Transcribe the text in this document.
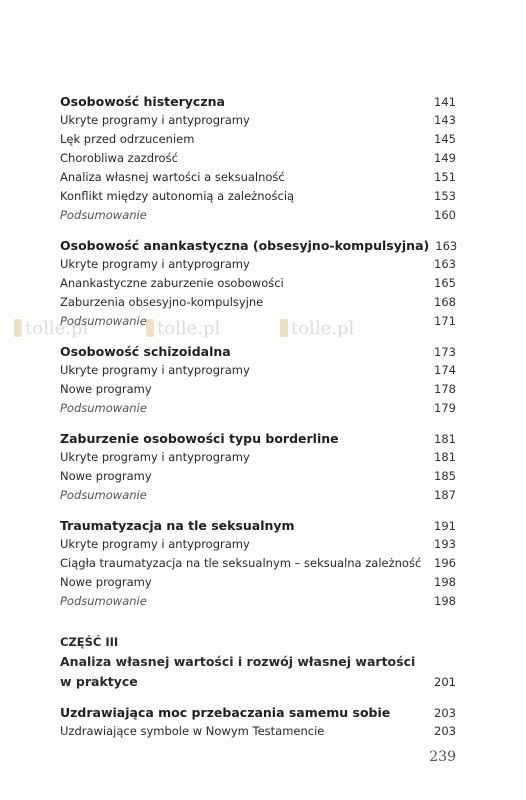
Osobowość histeryczna	141
Ukryte programy i antyprogramy	143
Lęk przed odrzuceniem	145
Chorobliwa zazdrość	149
Analiza własnej wartości a seksualność	151
Konflikt między autonomią a zależnością	153
Podsumowanie	160
Osobowość anankastyczna (obsesyjno-kompulsyjna) 163
Ukryte programy i antyprogramy	163
Anankastyczne zaburzenie osobowości	165
Zaburzenia obsesyjno-kompulsyjne	168
Podsumowanie	171
Osobowość schizoidalna	173
Ukryte programy i antyprogramy	174
Nowe programy	178
Podsumowanie	179
Zaburzenie osobowości typu borderline	181
Ukryte programy i antyprogramy	181
Nowe programy	185
Podsumowanie	187
Traumatyzacja na tle seksualnym	191
Ukryte programy i antyprogramy	193
Ciągła traumatyzacja na tle seksualnym – seksualna zależność	196
Nowe programy	198
Podsumowanie	198
CZĘŚĆ III
Analiza własnej wartości i rozwój własnej wartości w praktyce	201
Uzdrawiająca moc przebaczania samemu sobie	203
Uzdrawiające symbole w Nowym Testamencie	203
tolle.pl	tolle.pl	tolle.pl
239
